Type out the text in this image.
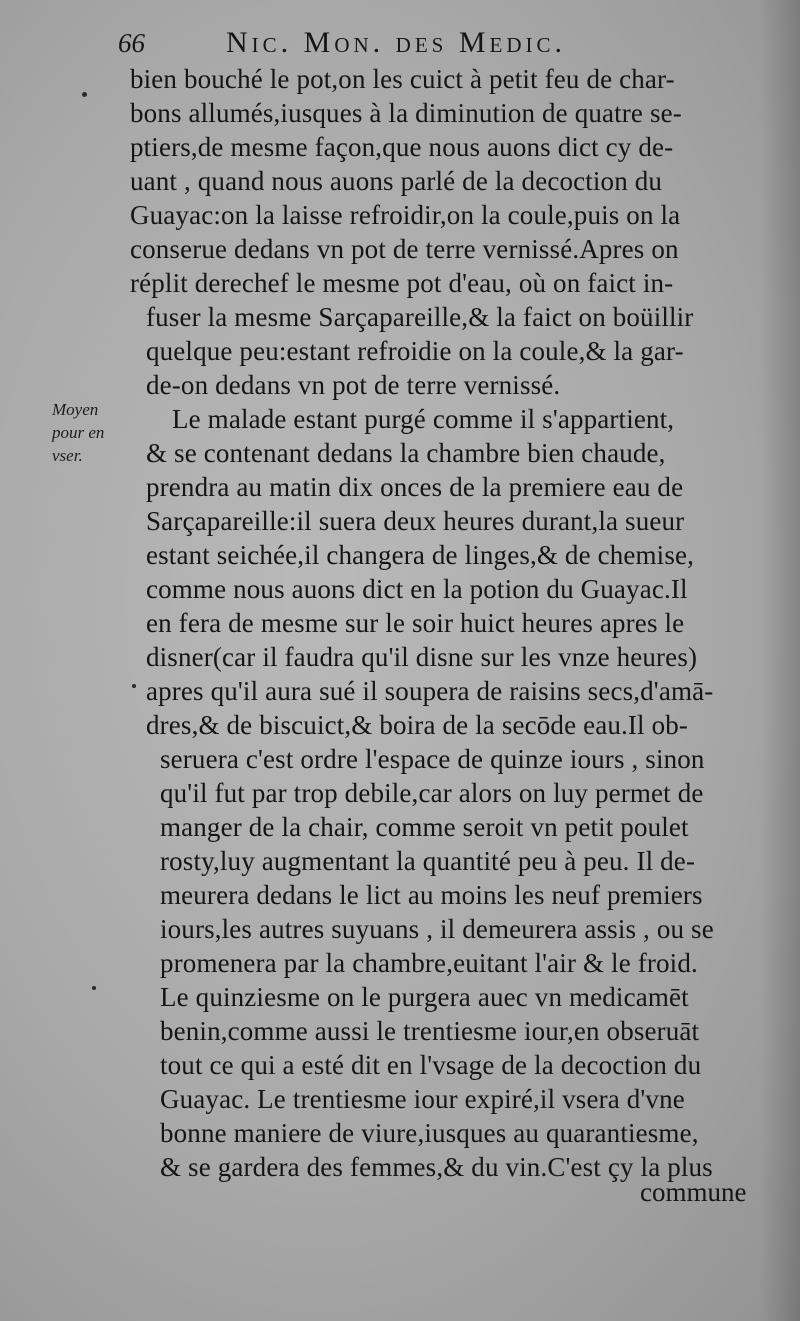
66	Nic. Mon. des Medic.
Moyen
pour en
vser.
bien bouché le pot,on les cuict à petit feu de char-
bons allumés,iusques à la diminution de quatre se-
ptiers,de mesme façon,que nous auons dict cy de-
uant , quand nous auons parlé de la decoction du
Guayac:on la laisse refroidir,on la coule,puis on la
conserue dedans vn pot de terre vernissé.Apres on
réplit derechef le mesme pot d'eau, où on faict in-
fuser la mesme Sarçapareille,& la faict on boüillir
quelque peu:estant refroidie on la coule,& la gar-
de-on dedans vn pot de terre vernissé.
Le malade estant purgé comme il s'appartient,
& se contenant dedans la chambre bien chaude,
prendra au matin dix onces de la premiere eau de
Sarçapareille:il suera deux heures durant,la sueur
estant seichée,il changera de linges,& de chemise,
comme nous auons dict en la potion du Guayac.Il
en fera de mesme sur le soir huict heures apres le
disner(car il faudra qu'il disne sur les vnze heures)
apres qu'il aura sué il soupera de raisins secs,d'amā-
dres,& de biscuict,& boira de la secōde eau.Il ob-
seruera c'est ordre l'espace de quinze iours , sinon
qu'il fut par trop debile,car alors on luy permet de
manger de la chair, comme seroit vn petit poulet
rosty,luy augmentant la quantité peu à peu. Il de-
meurera dedans le lict au moins les neuf premiers
iours,les autres suyuans , il demeurera assis , ou se
promenera par la chambre,euitant l'air & le froid.
Le quinziesme on le purgera auec vn medicamēt
benin,comme aussi le trentiesme iour,en obseruāt
tout ce qui a esté dit en l'vsage de la decoction du
Guayac. Le trentiesme iour expiré,il vsera d'vne
bonne maniere de viure,iusques au quarantiesme,
& se gardera des femmes,& du vin.C'est çy la plus
commune
